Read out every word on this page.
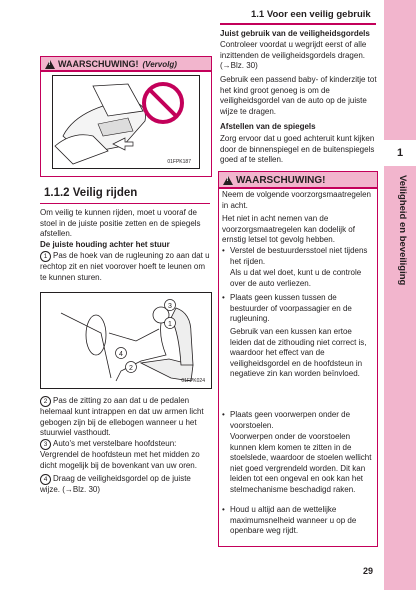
1.1 Voor een veilig gebruik
1
Veiligheid en beveiliging
!
WAARSCHUWING! (Vervolg)
01FPK187
1.1.2 Veilig rijden

Om veilig te kunnen rijden, moet u vooraf de stoel in de juiste positie zetten en de spiegels afstellen.

De juiste houding achter het stuur

1 Pas de hoek van de rugleuning zo aan dat u rechtop zit en niet voorover hoeft te leunen om te kunnen sturen.
3
1
4
2
01FPK024
2 Pas de zitting zo aan dat u de pedalen helemaal kunt intrappen en dat uw armen licht gebogen zijn bij de ellebogen wanneer u het stuurwiel vasthoudt.
3 Auto's met verstelbare hoofdsteun: Vergrendel de hoofdsteun met het midden zo dicht mogelijk bij de bovenkant van uw oren.
4 Draag de veiligheidsgordel op de juiste wijze. (→Blz. 30)

Juist gebruik van de veiligheidsgordels

Controleer voordat u wegrijdt eerst of alle inzittenden de veiligheidsgordels dragen. (→Blz. 30)

Gebruik een passend baby- of kinderzitje tot het kind groot genoeg is om de veiligheidsgordel van de auto op de juiste wijze te dragen.

Afstellen van de spiegels

Zorg ervoor dat u goed achteruit kunt kijken door de binnenspiegel en de buitenspiegels goed af te stellen.

!
WAARSCHUWING!

Neem de volgende voorzorgsmaatregelen in acht.

Het niet in acht nemen van de voorzorgsmaatregelen kan dodelijk of ernstig letsel tot gevolg hebben.

• Verstel de bestuurdersstoel niet tijdens het rijden.

Als u dat wel doet, kunt u de controle over de auto verliezen.

• Plaats geen kussen tussen de bestuurder of voorpassagier en de rugleuning.

Gebruik van een kussen kan ertoe leiden dat de zithouding niet correct is, waardoor het effect van de veiligheidsgordel en de hoofdsteun in negatieve zin kan worden beïnvloed.

• Plaats geen voorwerpen onder de voorstoelen.

Voorwerpen onder de voorstoelen kunnen klem komen te zitten in de stoelslede, waardoor de stoelen wellicht niet goed vergrendeld worden. Dit kan leiden tot een ongeval en ook kan het stelmechanisme beschadigd raken.

• Houd u altijd aan de wettelijke maximumsnelheid wanneer u op de openbare weg rijdt.

29
